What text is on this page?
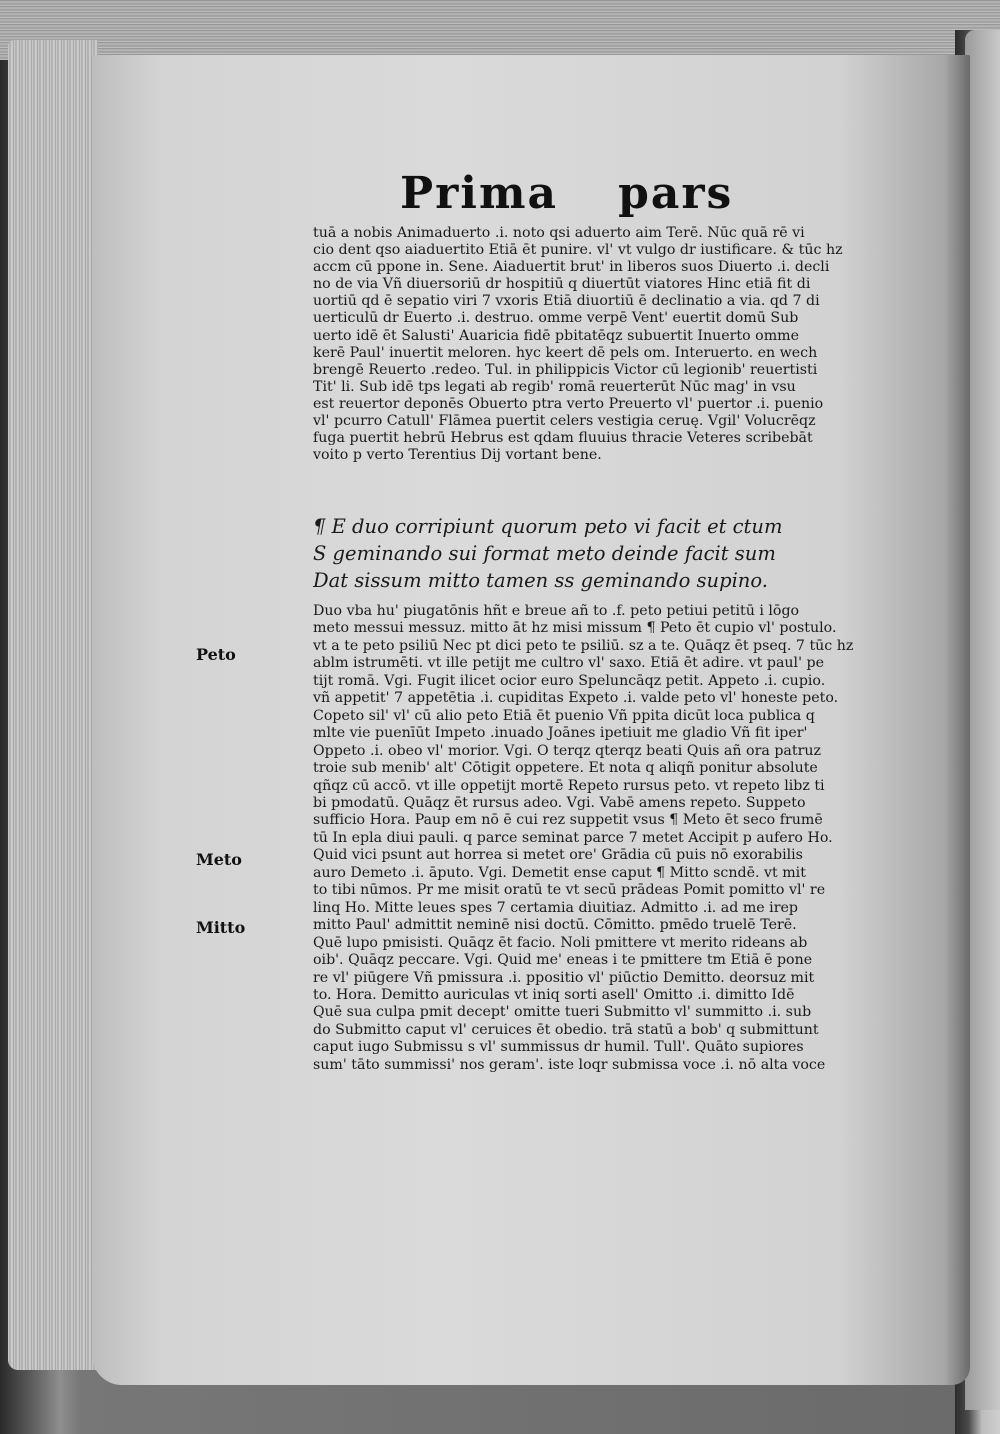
Prima pars
tuā a nobis Animaduerto .i. noto qsi aduerto aim Terē. Nūc quā rē vi
cio dent qso aiaduertito Etiā ēt punire. vl' vt vulgo dr iustificare. & tūc hz
accm cū ppone in. Sene. Aiaduertit brut' in liberos suos Diuerto .i. decli
no de via Vñ diuersoriū dr hospitiū q diuertūt viatores Hinc etiā fit di
uortiū qd ē sepatio viri 7 vxoris Etiā diuortiū ē declinatio a via. qd 7 di
uerticulū dr Euerto .i. destruo. omme verpē Vent' euertit domū Sub
uerto idē ēt Salusti' Auaricia fidē pbitatēqz subuertit Inuerto omme
kerē Paul' inuertit meloren. hyc keert dē pels om. Interuerto. en wech
brengē Reuerto .redeo. Tul. in philippicis Victor cū legionib' reuertisti
Tit' li. Sub idē tps legati ab regib' romā reuerterūt Nūc mag' in vsu
est reuertor deponēs Obuerto ptra verto Preuerto vl' puertor .i. puenio
vl' pcurro Catull' Flāmea puertit celers vestigia ceruę. Vgil' Volucrēqz
fuga puertit hebrū Hebrus est qdam fluuius thracie Veteres scribebāt
voito p verto Terentius Dij vortant bene.
¶ E duo corripiunt quorum peto vi facit et ctum
S geminando sui format meto deinde facit sum
Dat sissum mitto tamen ss geminando supino.
Duo vba hu' piugatōnis hñt e breue añ to .f. peto petiui petitū i lōgo
meto messui messuz. mitto āt hz misi missum ¶ Peto ēt cupio vl' postulo.
vt a te peto psiliū Nec pt dici peto te psiliū. sz a te. Quāqz ēt pseq. 7 tūc hz
ablm istrumēti. vt ille petijt me cultro vl' saxo. Etiā ēt adire. vt paul' pe
tijt romā. Vgi. Fugit ilicet ocior euro Speluncāqz petit. Appeto .i. cupio.
vñ appetit' 7 appetētia .i. cupiditas Expeto .i. valde peto vl' honeste peto.
Copeto sil' vl' cū alio peto Etiā ēt puenio Vñ ppita dicūt loca publica q
mlte vie puenīūt Impeto .inuado Joānes ipetiuit me gladio Vñ fit iper'
Oppeto .i. obeo vl' morior. Vgi. O terqz qterqz beati Quis añ ora patruz
troie sub menib' alt' Cōtigit oppetere. Et nota q aliqñ ponitur absolute
qñqz cū accō. vt ille oppetijt mortē Repeto rursus peto. vt repeto libz ti
bi pmodatū. Quāqz ēt rursus adeo. Vgi. Vabē amens repeto. Suppeto
sufficio Hora. Paup em nō ē cui rez suppetit vsus ¶ Meto ēt seco frumē
tū In epla diui pauli. q parce seminat parce 7 metet Accipit p aufero Ho.
Quid vici psunt aut horrea si metet ore' Grādia cū puis nō exorabilis
auro Demeto .i. āputo. Vgi. Demetit ense caput ¶ Mitto scndē. vt mit
to tibi nūmos. Pr me misit oratū te vt secū prādeas Pomit pomitto vl' re
linq Ho. Mitte leues spes 7 certamia diuitiaz. Admitto .i. ad me irep
mitto Paul' admittit neminē nisi doctū. Cōmitto. pmēdo truelē Terē.
Quē lupo pmisisti. Quāqz ēt facio. Noli pmittere vt merito rideans ab
oib'. Quāqz peccare. Vgi. Quid me' eneas i te pmittere tm Etiā ē pone
re vl' piūgere Vñ pmissura .i. ppositio vl' piūctio Demitto. deorsuz mit
to. Hora. Demitto auriculas vt iniq sorti asell' Omitto .i. dimitto Idē
Quē sua culpa pmit decept' omitte tueri Submitto vl' summitto .i. sub
do Submitto caput vl' ceruices ēt obedio. trā statū a bob' q submittunt
caput iugo Submissu s vl' summissus dr humil. Tull'. Quāto supiores
sum' tāto summissi' nos geram'. iste loqr submissa voce .i. nō alta voce
Peto
Meto
Mitto
